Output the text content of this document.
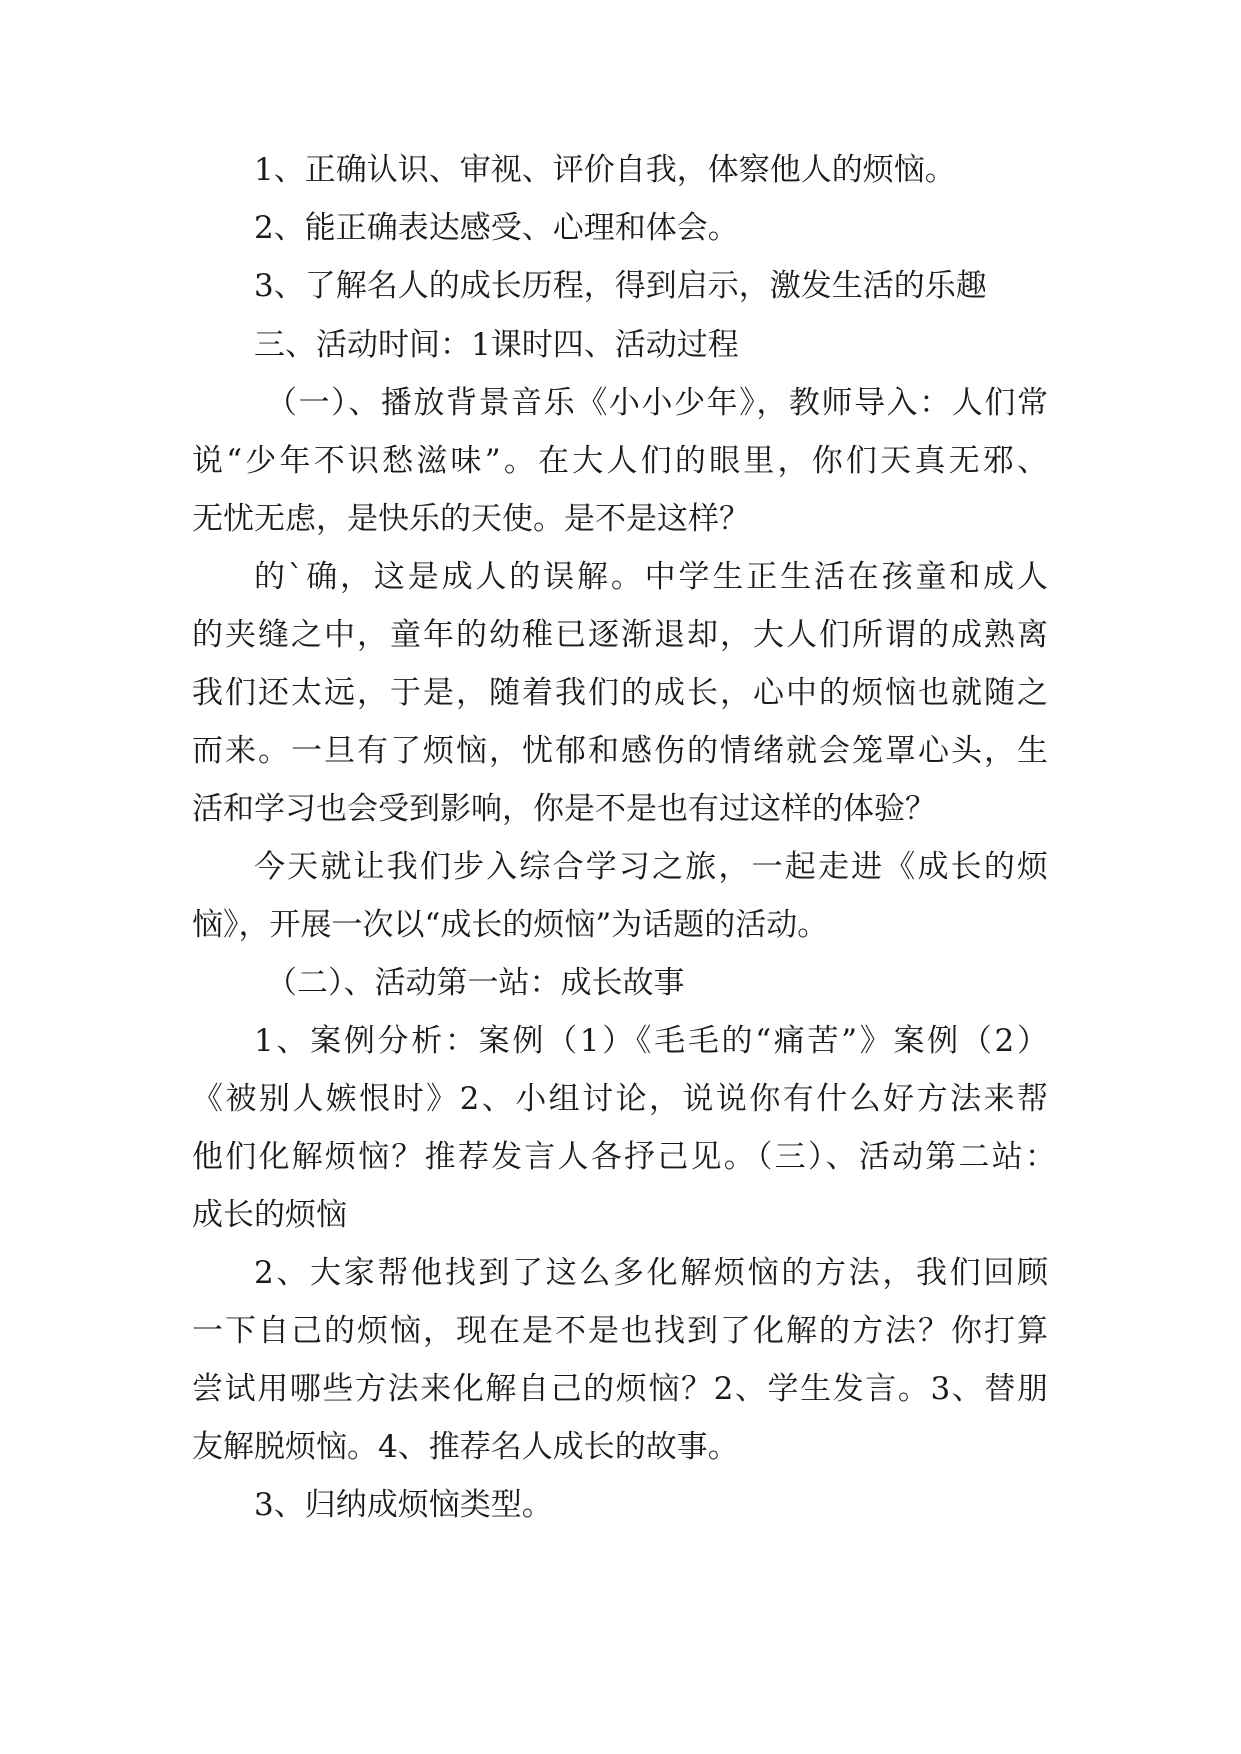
1、正确认识、审视、评价自我，体察他人的烦恼。
2、能正确表达感受、心理和体会。
3、了解名人的成长历程，得到启示，激发生活的乐趣
三、活动时间：1课时四、活动过程
（一）、播放背景音乐《小小少年》，教师导入：人们常
说“少年不识愁滋味”。在大人们的眼里，你们天真无邪、
无忧无虑，是快乐的天使。是不是这样？
的`确，这是成人的误解。中学生正生活在孩童和成人
的夹缝之中，童年的幼稚已逐渐退却，大人们所谓的成熟离
我们还太远，于是，随着我们的成长，心中的烦恼也就随之
而来。一旦有了烦恼，忧郁和感伤的情绪就会笼罩心头，生
活和学习也会受到影响，你是不是也有过这样的体验？
今天就让我们步入综合学习之旅，一起走进《成长的烦
恼》，开展一次以“成长的烦恼”为话题的活动。
（二）、活动第一站：成长故事
1、案例分析：案例（1）《毛毛的“痛苦”》案例（2）
《被别人嫉恨时》2、小组讨论，说说你有什么好方法来帮
他们化解烦恼？推荐发言人各抒己见。（三）、活动第二站：
成长的烦恼
2、大家帮他找到了这么多化解烦恼的方法，我们回顾
一下自己的烦恼，现在是不是也找到了化解的方法？你打算
尝试用哪些方法来化解自己的烦恼？2、学生发言。3、替朋
友解脱烦恼。4、推荐名人成长的故事。
3、归纳成烦恼类型。
